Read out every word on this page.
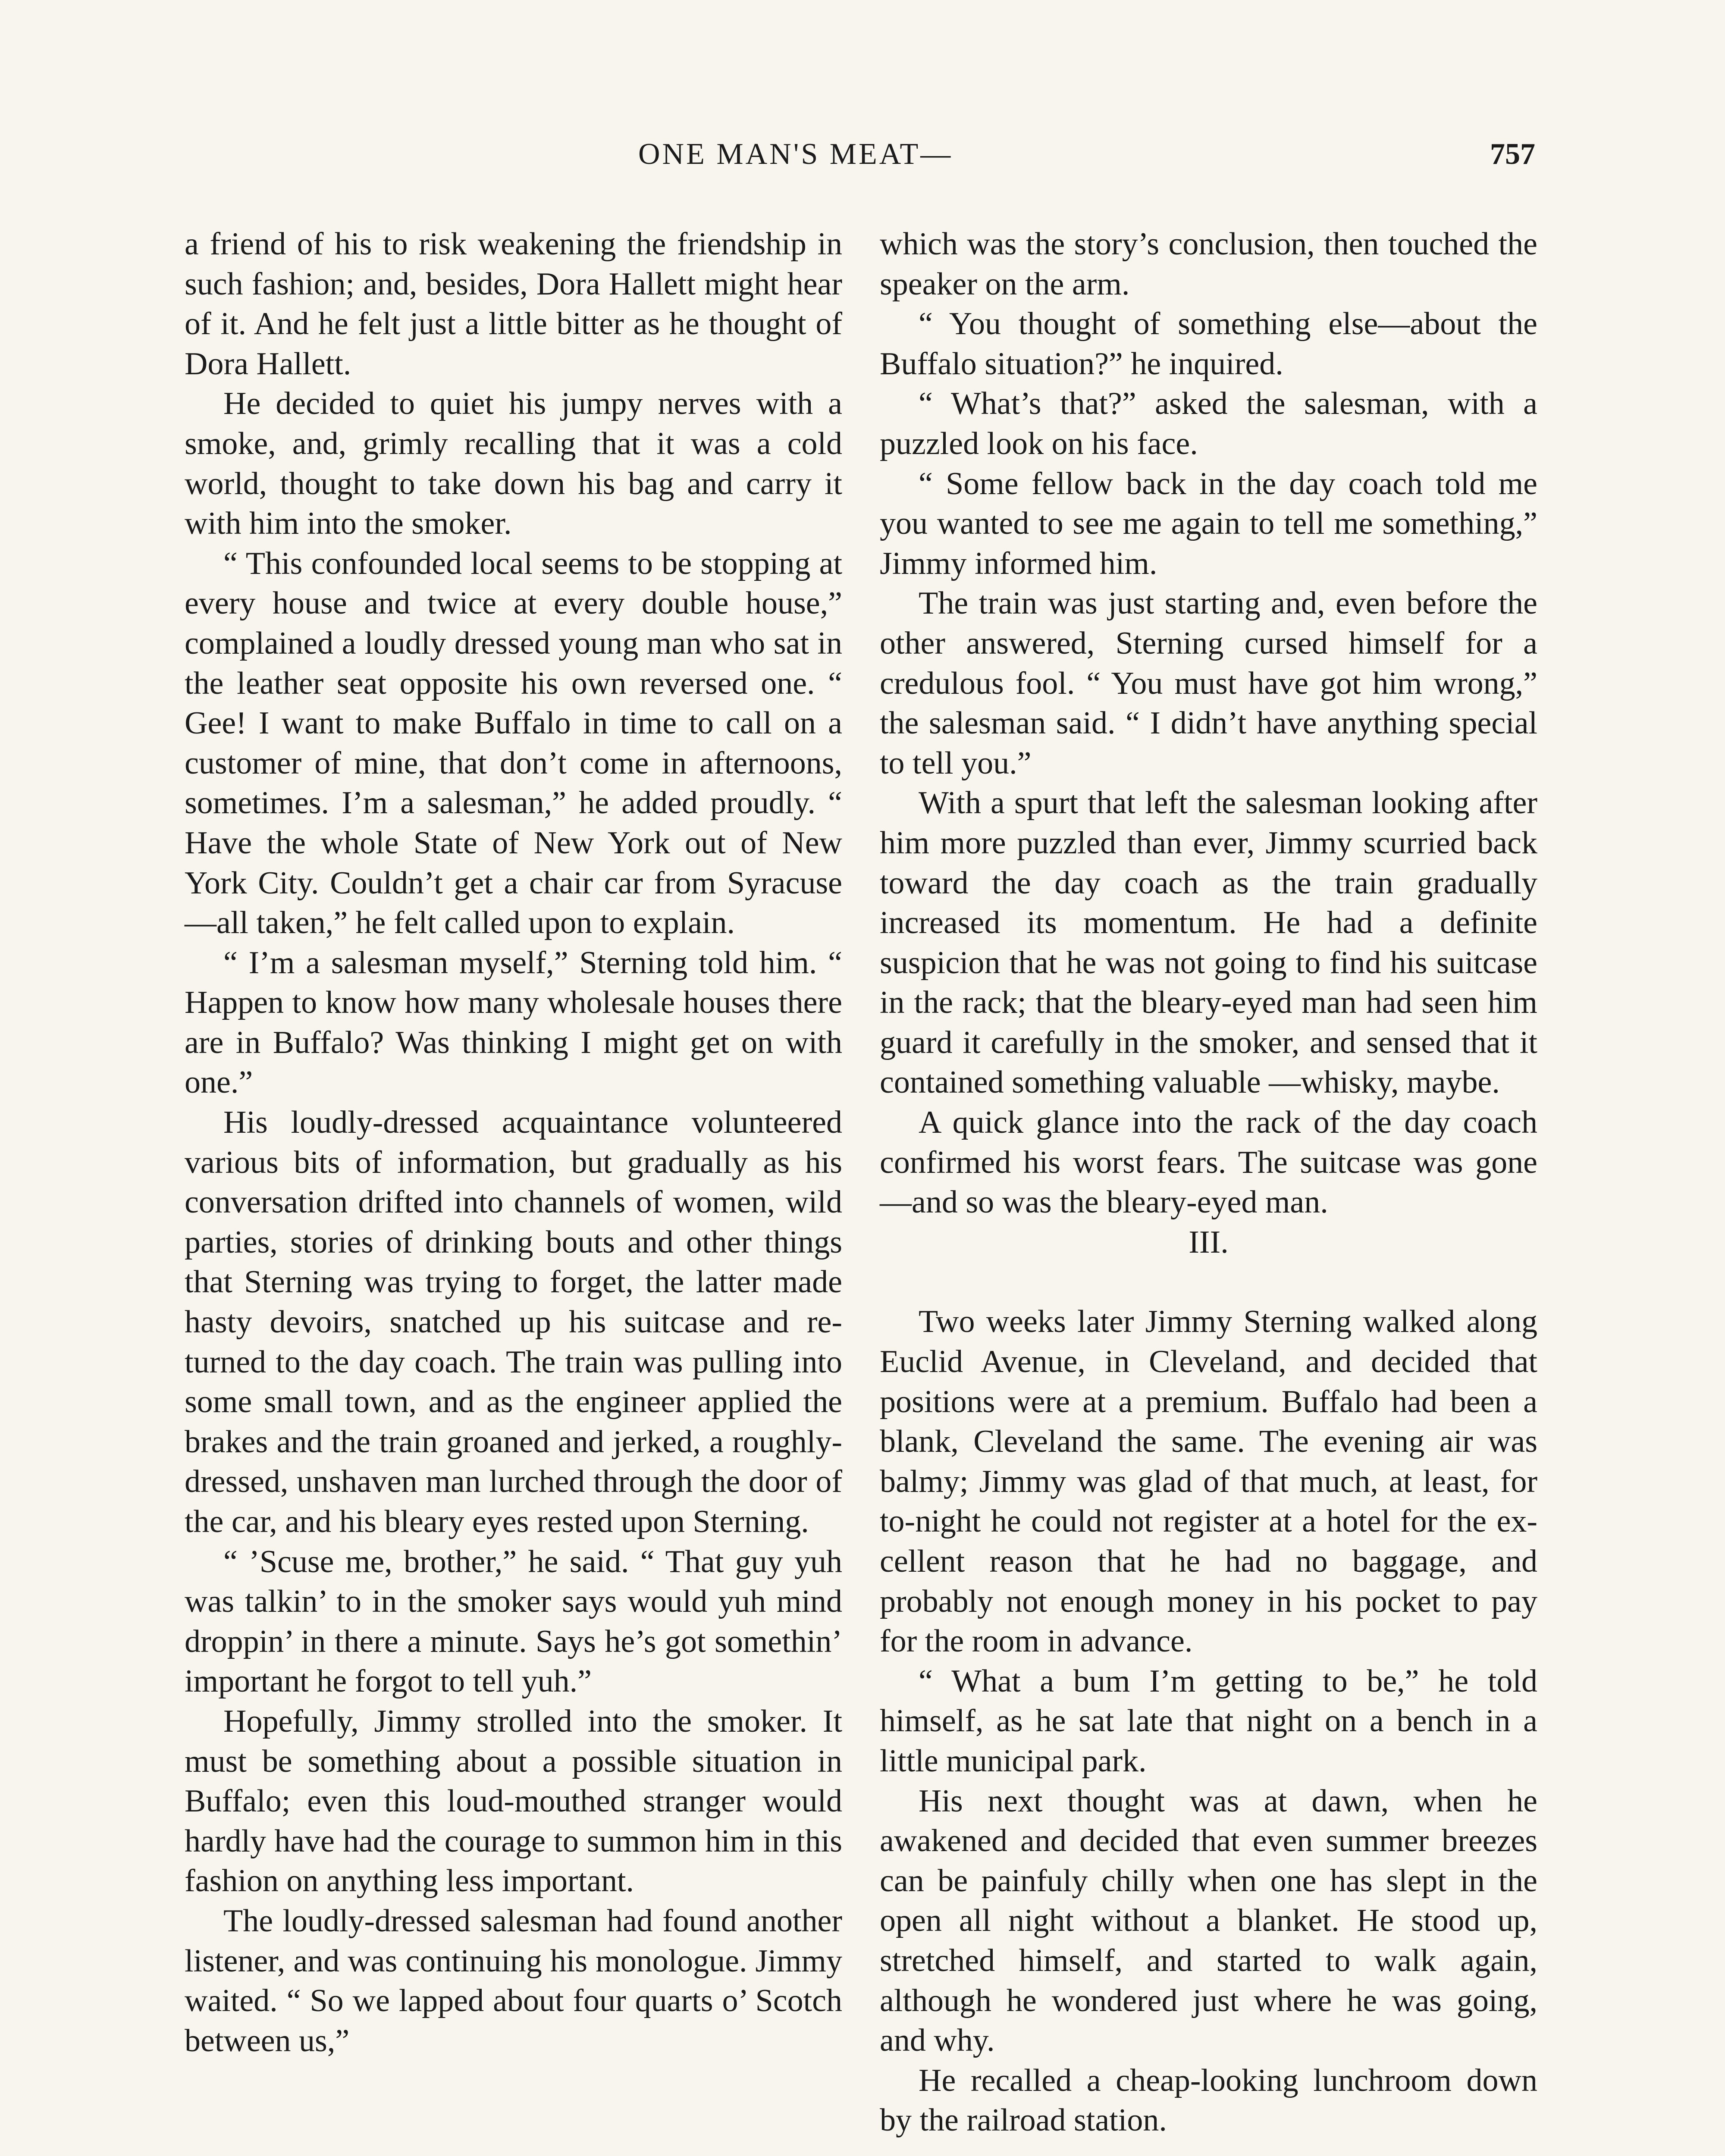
ONE MAN'S MEAT—	757

a friend of his to risk weakening the friendship in such fashion; and, besides, Dora Hallett might hear of it. And he felt just a little bitter as he thought of Dora Hallett.

He decided to quiet his jumpy nerves with a smoke, and, grimly recalling that it was a cold world, thought to take down his bag and carry it with him into the smoker.

“ This confounded local seems to be stopping at every house and twice at every double house,” complained a loudly dressed young man who sat in the leather seat opposite his own reversed one. “ Gee! I want to make Buffalo in time to call on a customer of mine, that don’t come in afternoons, sometimes. I’m a salesman,” he added proudly. “ Have the whole State of New York out of New York City. Couldn’t get a chair car from Syracuse—all taken,” he felt called upon to explain.

“ I’m a salesman myself,” Sterning told him. “ Happen to know how many wholesale houses there are in Buffalo? Was thinking I might get on with one.”

His loudly-dressed acquaintance volunteered various bits of information, but gradually as his conversation drifted into channels of women, wild parties, stories of drinking bouts and other things that Sterning was trying to forget, the latter made hasty devoirs, snatched up his suitcase and returned to the day coach. The train was pulling into some small town, and as the engineer applied the brakes and the train groaned and jerked, a roughly-dressed, unshaven man lurched through the door of the car, and his bleary eyes rested upon Sterning.

“ ’Scuse me, brother,” he said. “ That guy yuh was talkin’ to in the smoker says would yuh mind droppin’ in there a minute. Says he’s got somethin’ important he forgot to tell yuh.”

Hopefully, Jimmy strolled into the smoker. It must be something about a possible situation in Buffalo; even this loud-mouthed stranger would hardly have had the courage to summon him in this fashion on anything less important.

The loudly-dressed salesman had found another listener, and was continuing his monologue. Jimmy waited. “ So we lapped about four quarts o’ Scotch between us,”

which was the story’s conclusion, then touched the speaker on the arm.

“ You thought of something else—about the Buffalo situation?” he inquired.

“ What’s that?” asked the salesman, with a puzzled look on his face.

“ Some fellow back in the day coach told me you wanted to see me again to tell me something,” Jimmy informed him.

The train was just starting and, even before the other answered, Sterning cursed himself for a credulous fool. “ You must have got him wrong,” the salesman said. “ I didn’t have anything special to tell you.”

With a spurt that left the salesman looking after him more puzzled than ever, Jimmy scurried back toward the day coach as the train gradually increased its momentum. He had a definite suspicion that he was not going to find his suitcase in the rack; that the bleary-eyed man had seen him guard it carefully in the smoker, and sensed that it contained something valuable —whisky, maybe.

A quick glance into the rack of the day coach confirmed his worst fears. The suitcase was gone—and so was the bleary-eyed man.

III.

Two weeks later Jimmy Sterning walked along Euclid Avenue, in Cleveland, and decided that positions were at a premium. Buffalo had been a blank, Cleveland the same. The evening air was balmy; Jimmy was glad of that much, at least, for to-night he could not register at a hotel for the excellent reason that he had no baggage, and probably not enough money in his pocket to pay for the room in advance.

“ What a bum I’m getting to be,” he told himself, as he sat late that night on a bench in a little municipal park.

His next thought was at dawn, when he awakened and decided that even summer breezes can be painfuly chilly when one has slept in the open all night without a blanket. He stood up, stretched himself, and started to walk again, although he wondered just where he was going, and why.

He recalled a cheap-looking lunchroom down by the railroad station.
